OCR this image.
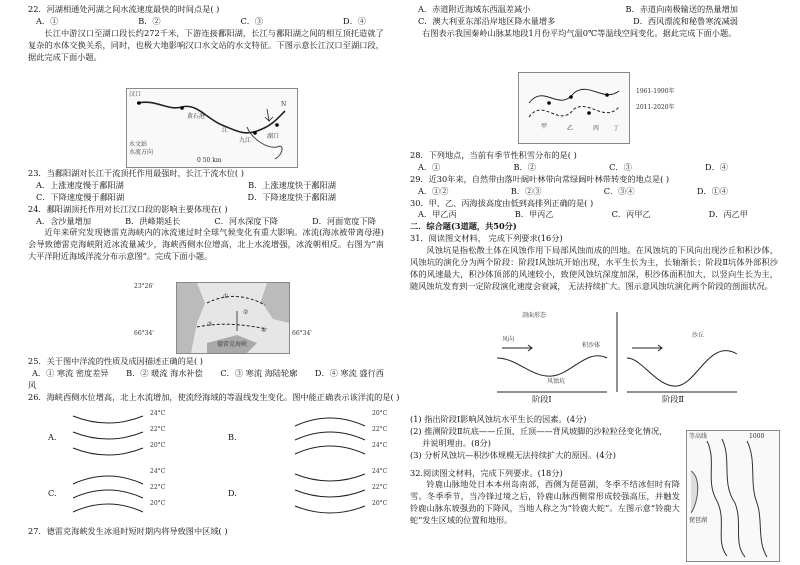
22．河湖相通处河湖之间水流速度最快的时间点是( )

A．①	B．②	C．③	D．④

长江中游汉口至湖口段长约272千米，下游连接鄱阳湖，长江与鄱阳湖之间的相互顶托造就了复杂的水体交换关系，同时，也极大地影响汉口水文站的水文特征。下图示意长江汉口至湖口段，据此完成下面小题。

汉口
黄石港
江
九江
N
湖口
水文站
水流方向
0 50 km

23．当鄱阳湖对长江干流顶托作用最强时，长江干流水位( )

A．上涨速度慢于鄱阳湖	B．上涨速度快于鄱阳湖
C．下降速度慢于鄱阳湖	D．下降速度快于鄱阳湖

24．鄱阳湖顶托作用对长江汉口段的影响主要体现在( )

A．含沙量增加	B．洪峰期延长	C．河水深度下降	D．河面宽度下降

近年来研究发现德雷克海峡内的冰流速过时全球气候变化有重大影响。冰流(海冰被带离母港)会导致德雷克海峡附近冰流量减少，海峡西侧水位增高，北上水流增强，冰流朝相反。右图为“南大平洋附近海域洋流分布示意图”。完成下面小题。

①
②
③
④
德雷克海峡
23°26'
66°34'	66°34'

25．关于图中洋流的性质及成因描述正确的是( )

A．① 寒流 密度差异 B．② 暖流 海水补偿 C．③ 寒流 海陆轮廓 D．④ 寒流 盛行西

风

26．海峡西侧水位增高，北上水流增加，使流经海域的等温线发生变化。图中能正确表示该洋流的是( )

A.
24°C
22°C
20°C
B.
20°C
22°C
24°C
C.
24°C
22°C
20°C
D.
24°C
22°C
20°C

27．德雷克海峡发生冰退时短时期内将导致图中区域( )

A．赤道附近海域东西温差减小	B．赤道向南极输送的热量增加
C．澳大利亚东部沿岸地区降水量增多	D．西风漂流和秘鲁寒流减弱

右图表示我国秦岭山脉某地段1月份平均气温0℃等温线空间变化。据此完成下面小题。

甲	乙	丙 丁
1961-1990年
2011-2020年

28．下列地点，当前有季节性积雪分布的是( )

A．①	B．②	C．③	D．④

29．近30年来，自然带由落叶阔叶林带向常绿阔叶林带转变的地点是( )

A．①②	B．②③	C．③④	D．①④

30．甲、乙、丙海拔高度由低到高排列正确的是( )

A．甲乙丙	B．甲丙乙	C．丙甲乙	D．丙乙甲

二．综合题(3道题，共50分)

31．阅读图文材料， 完成下列要求(16分)

风蚀坑是指松散土体在风蚀作用下局部风蚀而成的凹地。在风蚀坑的下风向出现沙丘和积沙体，风蚀坑的演化分为两个阶段：阶段Ⅰ风蚀坑开始出现，水平生长为主，长轴渐长；阶段Ⅱ坑体外部积沙体的风速最大，积沙体顶部的风速较小，致使风蚀坑深度加深，积沙体面积加大，以竖向生长为主，随风蚀坑发育到一定阶段演化速度会衰减， 无法持续扩大。图示意风蚀坑演化两个阶段的剖面状况。

剖面形态
风向
风蚀坑
积沙体
沙丘
阶段Ⅰ	阶段Ⅱ

(1) 指出阶段Ⅰ影响风蚀坑水平生长的因素。(4分)

(2) 推测阶段Ⅱ坑底——丘顶、丘顶——背风坡脚的沙粒粒径变化情况，

并说明理由。(8分)

(3) 分析风蚀坑—积沙体规模无法持续扩大的原因。(4分)

32.阅读图文材料，完成下列要求。(18分)

铃鹿山脉地处日本本州岛南部，西侧为琵琶湖，冬季不结冰但时有降雪。冬季季节，当冷锋过境之后，铃鹿山脉西侧常形成较强高压，并触发铃鹿山脉东坡强劲的下降风，当地人称之为“铃鹿大蛇”。左图示意“铃鹿大蛇”发生区域的位置和地形。

等高线
琵琶湖
1000
